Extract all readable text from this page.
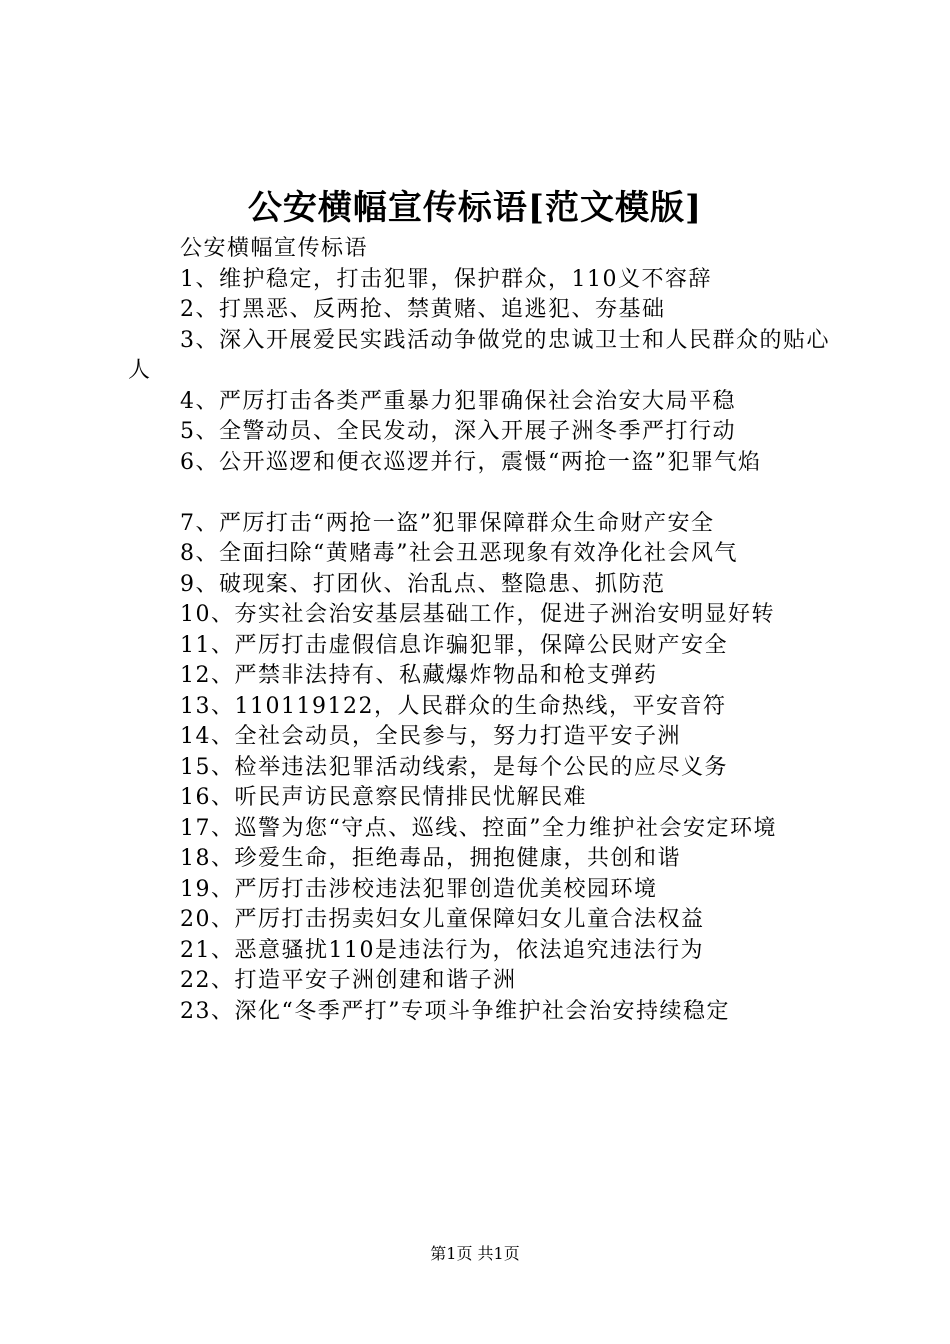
公安横幅宣传标语[范文模版]

公安横幅宣传标语

1、维护稳定，打击犯罪，保护群众，110义不容辞

2、打黑恶、反两抢、禁黄赌、追逃犯、夯基础

3、深入开展爱民实践活动争做党的忠诚卫士和人民群众的贴心人

4、严厉打击各类严重暴力犯罪确保社会治安大局平稳

5、全警动员、全民发动，深入开展子洲冬季严打行动

6、公开巡逻和便衣巡逻并行，震慑“两抢一盗”犯罪气焰

7、严厉打击“两抢一盗”犯罪保障群众生命财产安全

8、全面扫除“黄赌毒”社会丑恶现象有效净化社会风气

9、破现案、打团伙、治乱点、整隐患、抓防范

10、夯实社会治安基层基础工作，促进子洲治安明显好转

11、严厉打击虚假信息诈骗犯罪，保障公民财产安全

12、严禁非法持有、私藏爆炸物品和枪支弹药

13、110119122，人民群众的生命热线，平安音符

14、全社会动员，全民参与，努力打造平安子洲

15、检举违法犯罪活动线索，是每个公民的应尽义务

16、听民声访民意察民情排民忧解民难

17、巡警为您“守点、巡线、控面”全力维护社会安定环境

18、珍爱生命，拒绝毒品，拥抱健康，共创和谐

19、严厉打击涉校违法犯罪创造优美校园环境

20、严厉打击拐卖妇女儿童保障妇女儿童合法权益

21、恶意骚扰110是违法行为，依法追究违法行为

22、打造平安子洲创建和谐子洲

23、深化“冬季严打”专项斗争维护社会治安持续稳定

第1页 共1页
